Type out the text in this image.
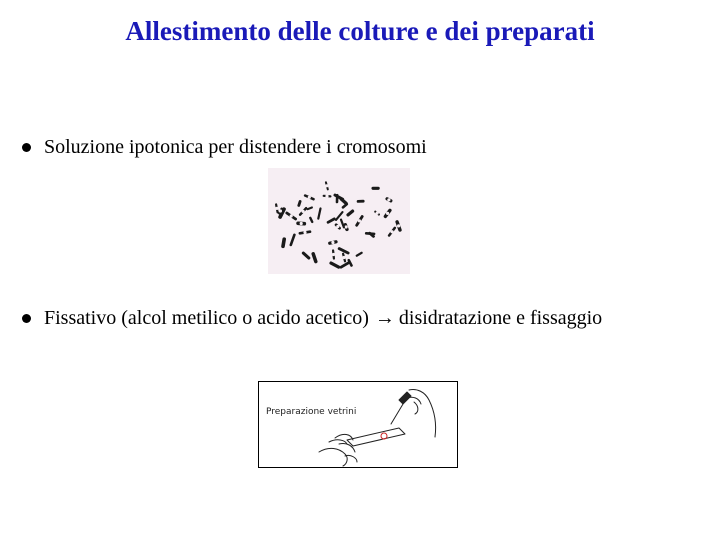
Allestimento delle colture e dei preparati
Soluzione ipotonica per distendere i cromosomi
Fissativo (alcol metilico o acido acetico) → disidratazione e fissaggio
Preparazione vetrini
